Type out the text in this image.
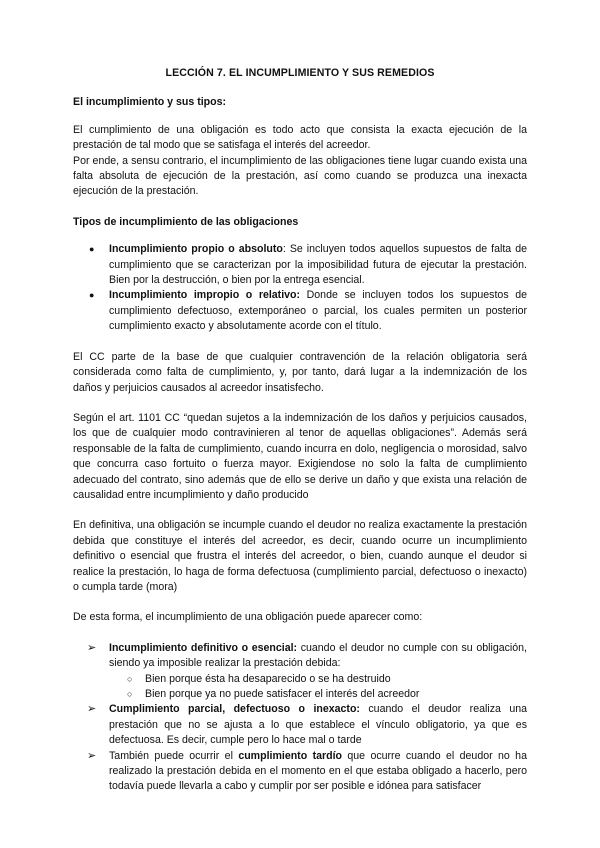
LECCIÓN 7. EL INCUMPLIMIENTO Y SUS REMEDIOS
El incumplimiento y sus tipos:

El cumplimiento de una obligación es todo acto que consista la exacta ejecución de la prestación de tal modo que se satisfaga el interés del acreedor.

Por ende, a sensu contrario, el incumplimiento de las obligaciones tiene lugar cuando exista una falta absoluta de ejecución de la prestación, así como cuando se produzca una inexacta ejecución de la prestación.

Tipos de incumplimiento de las obligaciones
● Incumplimiento propio o absoluto: Se incluyen todos aquellos supuestos de falta de cumplimiento que se caracterizan por la imposibilidad futura de ejecutar la prestación. Bien por la destrucción, o bien por la entrega esencial.
● Incumplimiento impropio o relativo: Donde se incluyen todos los supuestos de cumplimiento defectuoso, extemporáneo o parcial, los cuales permiten un posterior cumplimiento exacto y absolutamente acorde con el título.

El CC parte de la base de que cualquier contravención de la relación obligatoria será considerada como falta de cumplimiento, y, por tanto, dará lugar a la indemnización de los daños y perjuicios causados al acreedor insatisfecho.

Según el art. 1101 CC “quedan sujetos a la indemnización de los daños y perjuicios causados, los que de cualquier modo contravinieren al tenor de aquellas obligaciones”. Además será responsable de la falta de cumplimiento, cuando incurra en dolo, negligencia o morosidad, salvo que concurra caso fortuito o fuerza mayor. Exigiendose no solo la falta de cumplimiento adecuado del contrato, sino además que de ello se derive un daño y que exista una relación de causalidad entre incumplimiento y daño producido

En definitiva, una obligación se incumple cuando el deudor no realiza exactamente la prestación debida que constituye el interés del acreedor, es decir, cuando ocurre un incumplimiento definitivo o esencial que frustra el interés del acreedor, o bien, cuando aunque el deudor si realice la prestación, lo haga de forma defectuosa (cumplimiento parcial, defectuoso o inexacto) o cumpla tarde (mora)

De esta forma, el incumplimiento de una obligación puede aparecer como:

➢ Incumplimiento definitivo o esencial: cuando el deudor no cumple con su obligación, siendo ya imposible realizar la prestación debida:
○ Bien porque ésta ha desaparecido o se ha destruido
○ Bien porque ya no puede satisfacer el interés del acreedor
➢ Cumplimiento parcial, defectuoso o inexacto: cuando el deudor realiza una prestación que no se ajusta a lo que establece el vínculo obligatorio, ya que es defectuosa. Es decir, cumple pero lo hace mal o tarde
➢ También puede ocurrir el cumplimiento tardío que ocurre cuando el deudor no ha realizado la prestación debida en el momento en el que estaba obligado a hacerlo, pero todavía puede llevarla a cabo y cumplir por ser posible e idónea para satisfacer
